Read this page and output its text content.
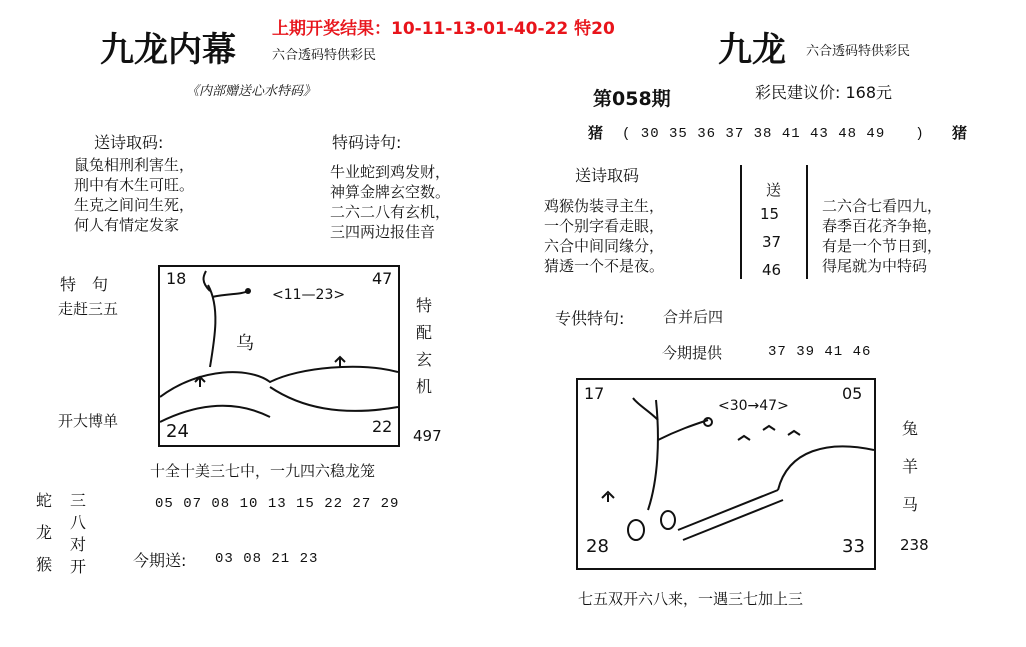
九龙内幕	六合透码特供彩民
上期开奖结果：10-11-13-01-40-22 特20
《内部赠送心水特码》
送诗取码:
鼠兔相刑利害生，
刑中有木生可旺。
生克之间问生死，
何人有情定发家
特码诗句:
牛业蛇到鸡发财，
神算金牌玄空数。
二六二八有玄机，
三四两边报佳音
特　句
走赶三五
开大博单
18	47
24	22
<11—23>
乌
特
配
玄
机
497
十全十美三七中，一九四六稳龙笼
05 07 08 10 13 15 22 27 29
蛇
龙
猴
三
八
对
开	今期送: 03 08 21 23
九龙 六合透码特供彩民
第058期	彩民建议价: 168元
猪 ( 30 35 36 37 38 41 43 48 49　　) 猪
送诗取码
鸡猴伪装寻主生，
一个别字看走眼，
六合中间同缘分，
猜透一个不是夜。
送
15
37
46
二六合七看四九，
春季百花齐争艳，
有是一个节日到，
得尾就为中特码
专供特句:	合并后四
今期提供	37 39 41 46
17	05
28	33
<30→47>
兔
羊
马
238
七五双开六八来，一遇三七加上三
